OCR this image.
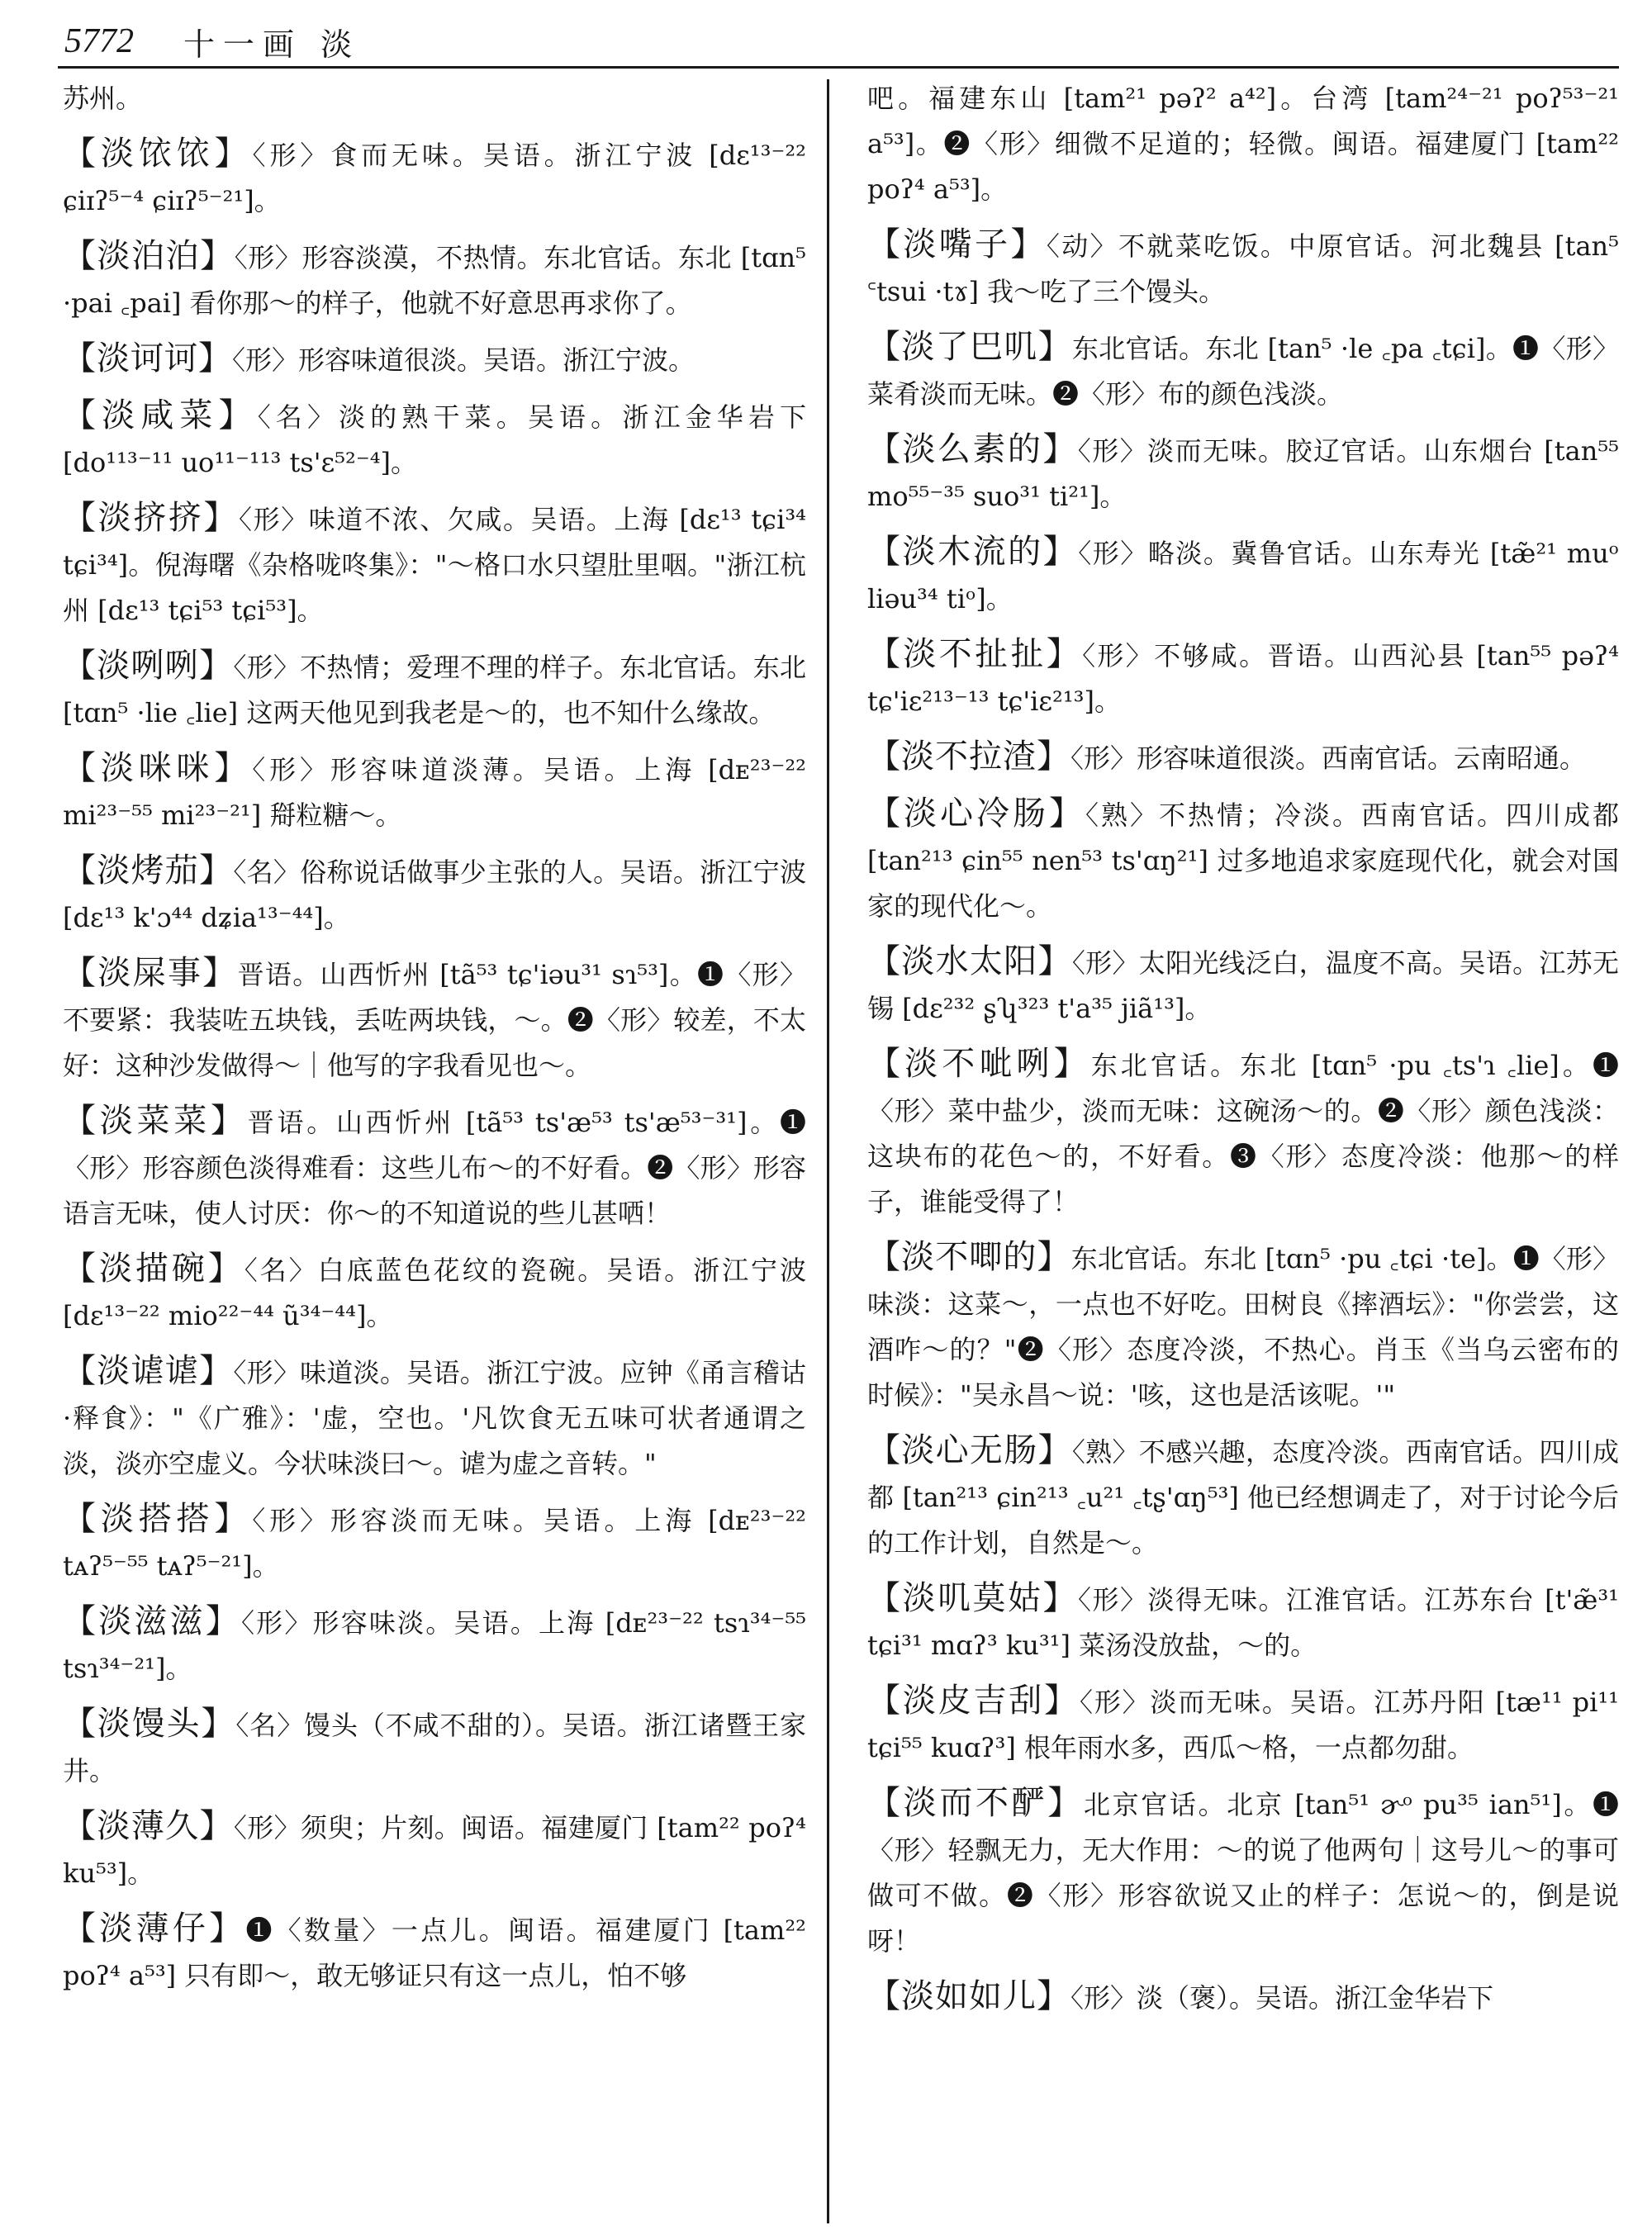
5772 十一画 淡
苏州。
【淡饻饻】〈形〉食而无味。吴语。浙江宁波 [dɛ¹³⁻²² ɕiɪʔ⁵⁻⁴ ɕiɪʔ⁵⁻²¹]。
【淡泊泊】〈形〉形容淡漠，不热情。东北官话。东北 [tɑn⁵ ·pai ꜀pai] 看你那～的样子，他就不好意思再求你了。
【淡诃诃】〈形〉形容味道很淡。吴语。浙江宁波。
【淡咸菜】〈名〉淡的熟干菜。吴语。浙江金华岩下 [do¹¹³⁻¹¹ uo¹¹⁻¹¹³ ts'ɛ⁵²⁻⁴]。
【淡挤挤】〈形〉味道不浓、欠咸。吴语。上海 [dɛ¹³ tɕi³⁴ tɕi³⁴]。倪海曙《杂格咙咚集》："～格口水只望肚里咽。"浙江杭州 [dɛ¹³ tɕi⁵³ tɕi⁵³]。
【淡咧咧】〈形〉不热情；爱理不理的样子。东北官话。东北 [tɑn⁵ ·lie ꜀lie] 这两天他见到我老是～的，也不知什么缘故。
【淡咪咪】〈形〉形容味道淡薄。吴语。上海 [dᴇ²³⁻²² mi²³⁻⁵⁵ mi²³⁻²¹] 搿粒糖～。
【淡烤茄】〈名〉俗称说话做事少主张的人。吴语。浙江宁波 [dɛ¹³ k'ɔ⁴⁴ dʑia¹³⁻⁴⁴]。
【淡屎事】晋语。山西忻州 [tã⁵³ tɕ'iəu³¹ sɿ⁵³]。❶〈形〉不要紧：我装咗五块钱，丢咗两块钱，～。❷〈形〉较差，不太好：这种沙发做得～｜他写的字我看见也～。
【淡菜菜】晋语。山西忻州 [tã⁵³ ts'æ⁵³ ts'æ⁵³⁻³¹]。❶〈形〉形容颜色淡得难看：这些儿布～的不好看。❷〈形〉形容语言无味，使人讨厌：你～的不知道说的些儿甚哂！
【淡描碗】〈名〉白底蓝色花纹的瓷碗。吴语。浙江宁波 [dɛ¹³⁻²² mio²²⁻⁴⁴ ũ³⁴⁻⁴⁴]。
【淡谑谑】〈形〉味道淡。吴语。浙江宁波。应钟《甬言稽诂·释食》："《广雅》：'虚，空也。'凡饮食无五味可状者通谓之淡，淡亦空虚义。今状味淡曰～。谑为虚之音转。"
【淡搭搭】〈形〉形容淡而无味。吴语。上海 [dᴇ²³⁻²² tᴀʔ⁵⁻⁵⁵ tᴀʔ⁵⁻²¹]。
【淡滋滋】〈形〉形容味淡。吴语。上海 [dᴇ²³⁻²² tsɿ³⁴⁻⁵⁵ tsɿ³⁴⁻²¹]。
【淡馒头】〈名〉馒头（不咸不甜的）。吴语。浙江诸暨王家井。
【淡薄久】〈形〉须臾；片刻。闽语。福建厦门 [tam²² poʔ⁴ ku⁵³]。
【淡薄仔】❶〈数量〉一点儿。闽语。福建厦门 [tam²² poʔ⁴ a⁵³] 只有即～，敢无够证只有这一点儿，怕不够
吧。福建东山 [tam²¹ pəʔ² a⁴²]。台湾 [tam²⁴⁻²¹ poʔ⁵³⁻²¹ a⁵³]。❷〈形〉细微不足道的；轻微。闽语。福建厦门 [tam²² poʔ⁴ a⁵³]。
【淡嘴子】〈动〉不就菜吃饭。中原官话。河北魏县 [tan⁵ ꜂tsui ·tɤ] 我～吃了三个馒头。
【淡了巴叽】东北官话。东北 [tan⁵ ·le ꜀pa ꜀tɕi]。❶〈形〉菜肴淡而无味。❷〈形〉布的颜色浅淡。
【淡么素的】〈形〉淡而无味。胶辽官话。山东烟台 [tan⁵⁵ mo⁵⁵⁻³⁵ suo³¹ ti²¹]。
【淡木流的】〈形〉略淡。冀鲁官话。山东寿光 [tæ̃²¹ muᵒ liəu³⁴ tiᵒ]。
【淡不扯扯】〈形〉不够咸。晋语。山西沁县 [tan⁵⁵ pəʔ⁴ tɕ'iɛ²¹³⁻¹³ tɕ'iɛ²¹³]。
【淡不拉渣】〈形〉形容味道很淡。西南官话。云南昭通。
【淡心冷肠】〈熟〉不热情；冷淡。西南官话。四川成都 [tan²¹³ ɕin⁵⁵ nen⁵³ ts'ɑŋ²¹] 过多地追求家庭现代化，就会对国家的现代化～。
【淡水太阳】〈形〉太阳光线泛白，温度不高。吴语。江苏无锡 [dɛ²³² ʂʮ³²³ t'a³⁵ jiã¹³]。
【淡不呲咧】东北官话。东北 [tɑn⁵ ·pu ꜀ts'ɿ ꜀lie]。❶〈形〉菜中盐少，淡而无味：这碗汤～的。❷〈形〉颜色浅淡：这块布的花色～的，不好看。❸〈形〉态度冷淡：他那～的样子，谁能受得了！
【淡不唧的】东北官话。东北 [tɑn⁵ ·pu ꜀tɕi ·te]。❶〈形〉味淡：这菜～，一点也不好吃。田树良《摔酒坛》："你尝尝，这酒咋～的？"❷〈形〉态度冷淡，不热心。肖玉《当乌云密布的时候》："吴永昌～说：'咳，这也是活该呢。'"
【淡心无肠】〈熟〉不感兴趣，态度冷淡。西南官话。四川成都 [tan²¹³ ɕin²¹³ ꜀u²¹ ꜀tʂ'ɑŋ⁵³] 他已经想调走了，对于讨论今后的工作计划，自然是～。
【淡叽莫姑】〈形〉淡得无味。江淮官话。江苏东台 [t'æ̃³¹ tɕi³¹ mɑʔ³ ku³¹] 菜汤没放盐，～的。
【淡皮吉刮】〈形〉淡而无味。吴语。江苏丹阳 [tæ¹¹ pi¹¹ tɕi⁵⁵ kuɑʔ³] 根年雨水多，西瓜～格，一点都勿甜。
【淡而不酽】北京官话。北京 [tan⁵¹ ɚᵒ pu³⁵ ian⁵¹]。❶〈形〉轻飘无力，无大作用：～的说了他两句｜这号儿～的事可做可不做。❷〈形〉形容欲说又止的样子：怎说～的，倒是说呀！
【淡如如儿】〈形〉淡（褒）。吴语。浙江金华岩下
